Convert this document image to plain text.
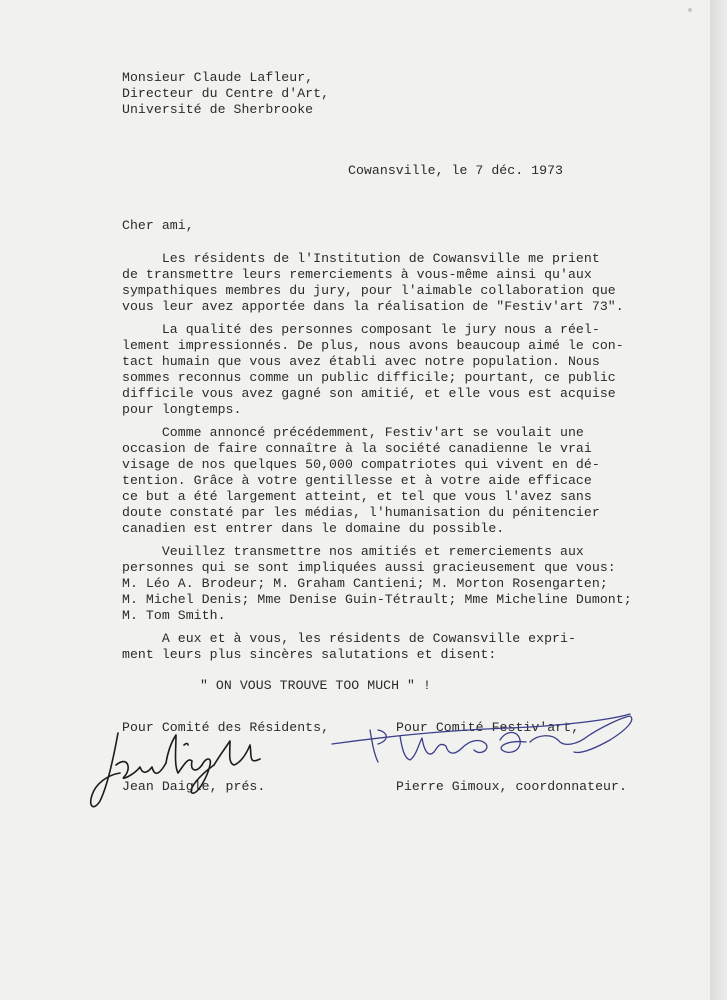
Monsieur Claude Lafleur,
Directeur du Centre d'Art,
Université de Sherbrooke
Cowansville, le 7 déc. 1973
Cher ami,
Les résidents de l'Institution de Cowansville me prient
de transmettre leurs remerciements à vous-même ainsi qu'aux
sympathiques membres du jury, pour l'aimable collaboration que
vous leur avez apportée dans la réalisation de "Festiv'art 73".
La qualité des personnes composant le jury nous a réel-
lement impressionnés. De plus, nous avons beaucoup aimé le con-
tact humain que vous avez établi avec notre population. Nous
sommes reconnus comme un public difficile; pourtant, ce public
difficile vous avez gagné son amitié, et elle vous est acquise
pour longtemps.
Comme annoncé précédemment, Festiv'art se voulait une
occasion de faire connaître à la société canadienne le vrai
visage de nos quelques 50,000 compatriotes qui vivent en dé-
tention. Grâce à votre gentillesse et à votre aide efficace
ce but a été largement atteint, et tel que vous l'avez sans
doute constaté par les médias, l'humanisation du pénitencier
canadien est entrer dans le domaine du possible.
Veuillez transmettre nos amitiés et remerciements aux
personnes qui se sont impliquées aussi gracieusement que vous:
M. Léo A. Brodeur; M. Graham Cantieni; M. Morton Rosengarten;
M. Michel Denis; Mme Denise Guin-Tétrault; Mme Micheline Dumont;
M. Tom Smith.
A eux et à vous, les résidents de Cowansville expri-
ment leurs plus sincères salutations et disent:
" ON VOUS TROUVE TOO MUCH " !
Pour Comité des Résidents,	Pour Comité Festiv'art,
Jean Daigle, prés.	Pierre Gimoux, coordonnateur.
